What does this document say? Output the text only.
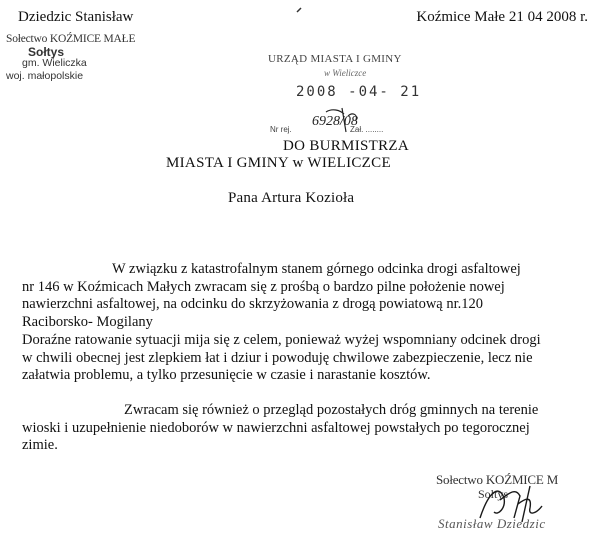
Dziedzic Stanisław	Koźmice Małe 21 04 2008 r.
Sołectwo KOŹMICE MAŁE
Sołtys
gm. Wieliczka
woj. małopolskie
URZĄD MIASTA I GMINY
w Wieliczce
2008 -04- 21
Nr rej.
6928/08
Zał. ........
DO BURMISTRZA
MIASTA I GMINY w WIELICZCE
Pana Artura Kozioła
W związku z katastrofalnym stanem górnego odcinka drogi asfaltowej
nr 146 w Koźmicach Małych zwracam się z prośbą o bardzo pilne położenie nowej
nawierzchni asfaltowej, na odcinku do skrzyżowania z drogą powiatową nr.120
Raciborsko- Mogilany
Doraźne ratowanie sytuacji mija się z celem, ponieważ wyżej wspomniany odcinek drogi
w chwili obecnej jest zlepkiem łat i dziur i powoduję chwilowe zabezpieczenie, lecz nie
załatwia problemu, a tylko przesunięcie w czasie i narastanie kosztów.
Zwracam się również o przegląd pozostałych dróg gminnych na terenie
wioski i uzupełnienie niedoborów w nawierzchni asfaltowej powstałych po tegorocznej
zimie.
Sołectwo KOŹMICE M
Sołtys
Stanisław Dziedzic
